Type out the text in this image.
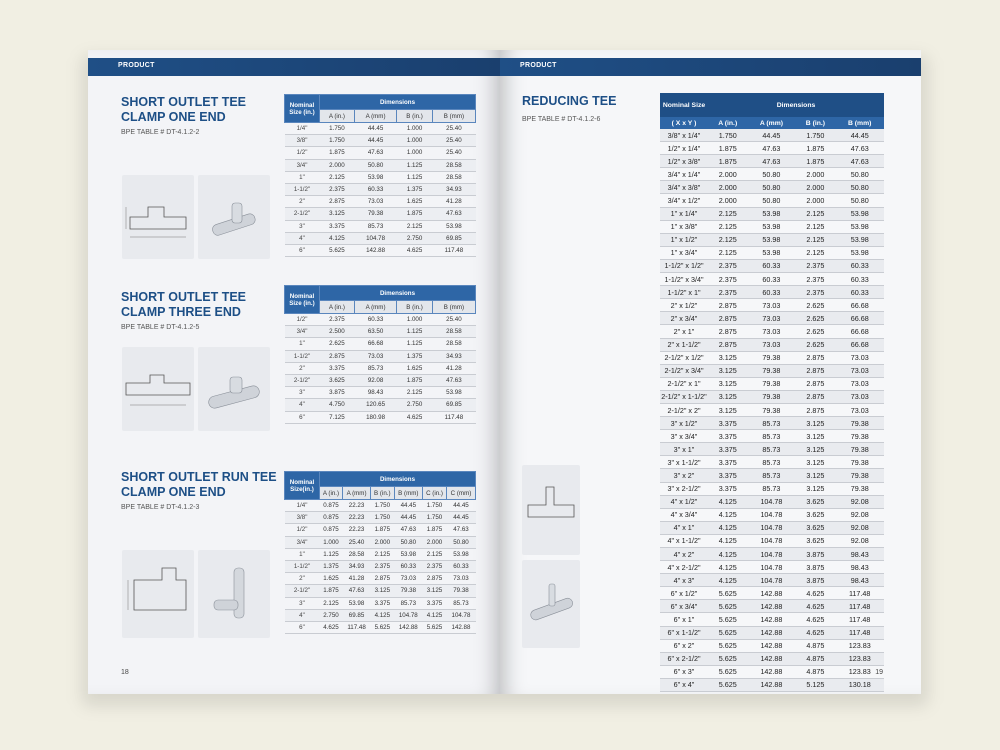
PRODUCT
SHORT OUTLET TEE
CLAMP ONE END
BPE TABLE # DT-4.1.2-2
Nominal Size (in.)	Dimensions			
	A (in.)	A (mm)	B (in.)	B (mm)
1/4"	1.750	44.45	1.000	25.40
3/8"	1.750	44.45	1.000	25.40
1/2"	1.875	47.63	1.000	25.40
3/4"	2.000	50.80	1.125	28.58
1"	2.125	53.98	1.125	28.58
1-1/2"	2.375	60.33	1.375	34.93
2"	2.875	73.03	1.625	41.28
2-1/2"	3.125	79.38	1.875	47.63
3"	3.375	85.73	2.125	53.98
4"	4.125	104.78	2.750	69.85
6"	5.625	142.88	4.625	117.48
SHORT OUTLET TEE
CLAMP THREE END
BPE TABLE # DT-4.1.2-5
Nominal Size (in.)	Dimensions			
	A (in.)	A (mm)	B (in.)	B (mm)
1/2"	2.375	60.33	1.000	25.40
3/4"	2.500	63.50	1.125	28.58
1"	2.625	66.68	1.125	28.58
1-1/2"	2.875	73.03	1.375	34.93
2"	3.375	85.73	1.625	41.28
2-1/2"	3.625	92.08	1.875	47.63
3"	3.875	98.43	2.125	53.98
4"	4.750	120.65	2.750	69.85
6"	7.125	180.98	4.625	117.48
SHORT OUTLET RUN TEE
CLAMP ONE END
BPE TABLE # DT-4.1.2-3
Nominal Size(in.)	Dimensions					
	A (in.)	A (mm)	B (in.)	B (mm)	C (in.)	C (mm)
1/4"	0.875	22.23	1.750	44.45	1.750	44.45
3/8"	0.875	22.23	1.750	44.45	1.750	44.45
1/2"	0.875	22.23	1.875	47.63	1.875	47.63
3/4"	1.000	25.40	2.000	50.80	2.000	50.80
1"	1.125	28.58	2.125	53.98	2.125	53.98
1-1/2"	1.375	34.93	2.375	60.33	2.375	60.33
2"	1.625	41.28	2.875	73.03	2.875	73.03
2-1/2"	1.875	47.63	3.125	79.38	3.125	79.38
3"	2.125	53.98	3.375	85.73	3.375	85.73
4"	2.750	69.85	4.125	104.78	4.125	104.78
6"	4.625	117.48	5.625	142.88	5.625	142.88
18
PRODUCT
REDUCING TEE
BPE TABLE # DT-4.1.2-6
Nominal Size	Dimensions			
( X x Y )	A (in.)	A (mm)	B (in.)	B (mm)
3/8" x 1/4"	1.750	44.45	1.750	44.45
1/2" x 1/4"	1.875	47.63	1.875	47.63
1/2" x 3/8"	1.875	47.63	1.875	47.63
3/4" x 1/4"	2.000	50.80	2.000	50.80
3/4" x 3/8"	2.000	50.80	2.000	50.80
3/4" x 1/2"	2.000	50.80	2.000	50.80
1" x 1/4"	2.125	53.98	2.125	53.98
1" x 3/8"	2.125	53.98	2.125	53.98
1" x 1/2"	2.125	53.98	2.125	53.98
1" x 3/4"	2.125	53.98	2.125	53.98
1-1/2" x 1/2"	2.375	60.33	2.375	60.33
1-1/2" x 3/4"	2.375	60.33	2.375	60.33
1-1/2" x 1"	2.375	60.33	2.375	60.33
2" x 1/2"	2.875	73.03	2.625	66.68
2" x 3/4"	2.875	73.03	2.625	66.68
2" x 1"	2.875	73.03	2.625	66.68
2" x 1-1/2"	2.875	73.03	2.625	66.68
2-1/2" x 1/2"	3.125	79.38	2.875	73.03
2-1/2" x 3/4"	3.125	79.38	2.875	73.03
2-1/2" x 1"	3.125	79.38	2.875	73.03
2-1/2" x 1-1/2"	3.125	79.38	2.875	73.03
2-1/2" x 2"	3.125	79.38	2.875	73.03
3" x 1/2"	3.375	85.73	3.125	79.38
3" x 3/4"	3.375	85.73	3.125	79.38
3" x 1"	3.375	85.73	3.125	79.38
3" x 1-1/2"	3.375	85.73	3.125	79.38
3" x 2"	3.375	85.73	3.125	79.38
3" x 2-1/2"	3.375	85.73	3.125	79.38
4" x 1/2"	4.125	104.78	3.625	92.08
4" x 3/4"	4.125	104.78	3.625	92.08
4" x 1"	4.125	104.78	3.625	92.08
4" x 1-1/2"	4.125	104.78	3.625	92.08
4" x 2"	4.125	104.78	3.875	98.43
4" x 2-1/2"	4.125	104.78	3.875	98.43
4" x 3"	4.125	104.78	3.875	98.43
6" x 1/2"	5.625	142.88	4.625	117.48
6" x 3/4"	5.625	142.88	4.625	117.48
6" x 1"	5.625	142.88	4.625	117.48
6" x 1-1/2"	5.625	142.88	4.625	117.48
6" x 2"	5.625	142.88	4.875	123.83
6" x 2-1/2"	5.625	142.88	4.875	123.83
6" x 3"	5.625	142.88	4.875	123.83
6" x 4"	5.625	142.88	5.125	130.18
19
